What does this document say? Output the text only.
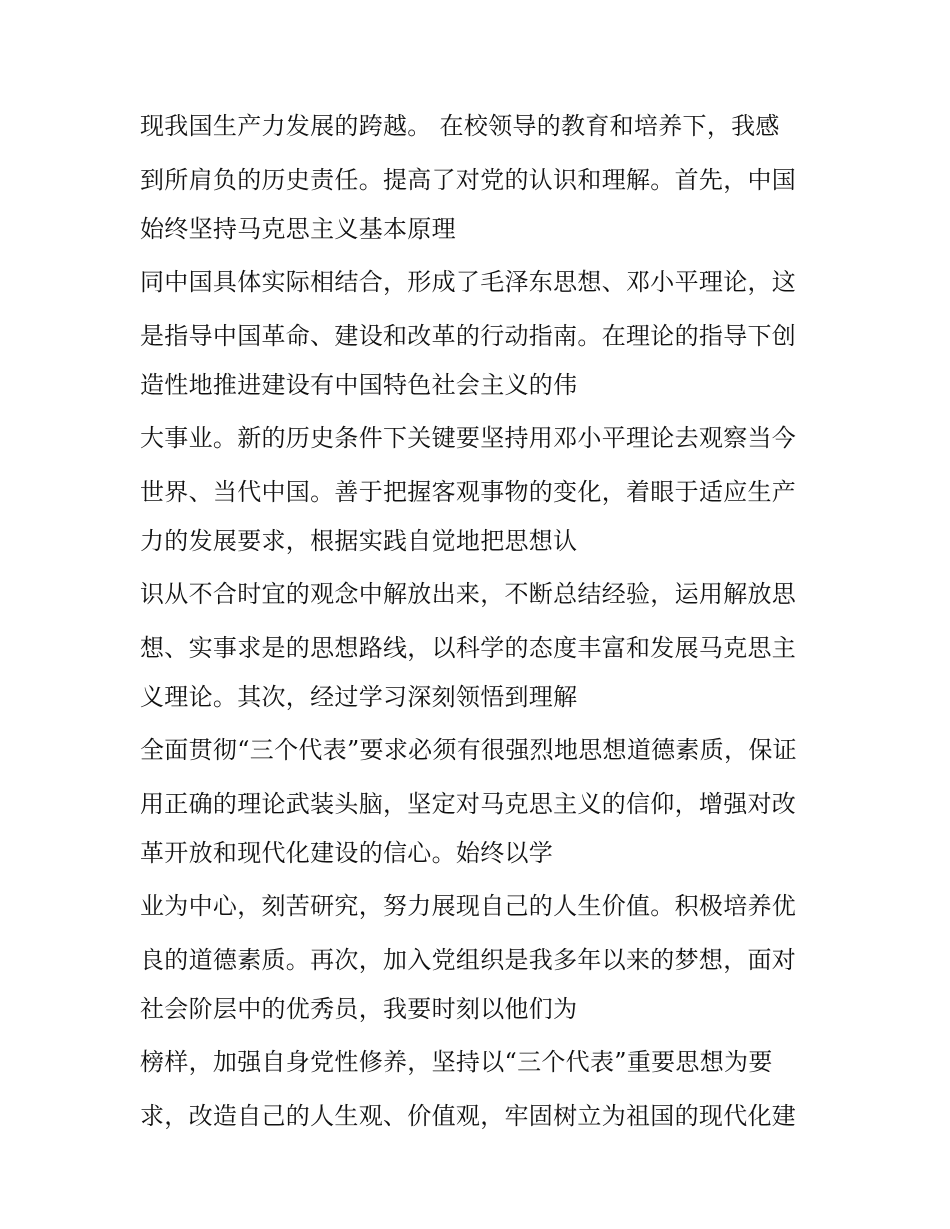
现我国生产力发展的跨越。 在校领导的教育和培养下，我感

到所肩负的历史责任。提高了对党的认识和理解。首先，中国

始终坚持马克思主义基本原理

同中国具体实际相结合，形成了毛泽东思想、邓小平理论，这

是指导中国革命、建设和改革的行动指南。在理论的指导下创

造性地推进建设有中国特色社会主义的伟

大事业。新的历史条件下关键要坚持用邓小平理论去观察当今

世界、当代中国。善于把握客观事物的变化，着眼于适应生产

力的发展要求，根据实践自觉地把思想认

识从不合时宜的观念中解放出来，不断总结经验，运用解放思

想、实事求是的思想路线，以科学的态度丰富和发展马克思主

义理论。其次，经过学习深刻领悟到理解

全面贯彻“三个代表”要求必须有很强烈地思想道德素质，保证

用正确的理论武装头脑，坚定对马克思主义的信仰，增强对改

革开放和现代化建设的信心。始终以学

业为中心，刻苦研究，努力展现自己的人生价值。积极培养优

良的道德素质。再次，加入党组织是我多年以来的梦想，面对

社会阶层中的优秀员，我要时刻以他们为

榜样，加强自身党性修养，坚持以“三个代表”重要思想为要

求，改造自己的人生观、价值观，牢固树立为祖国的现代化建
